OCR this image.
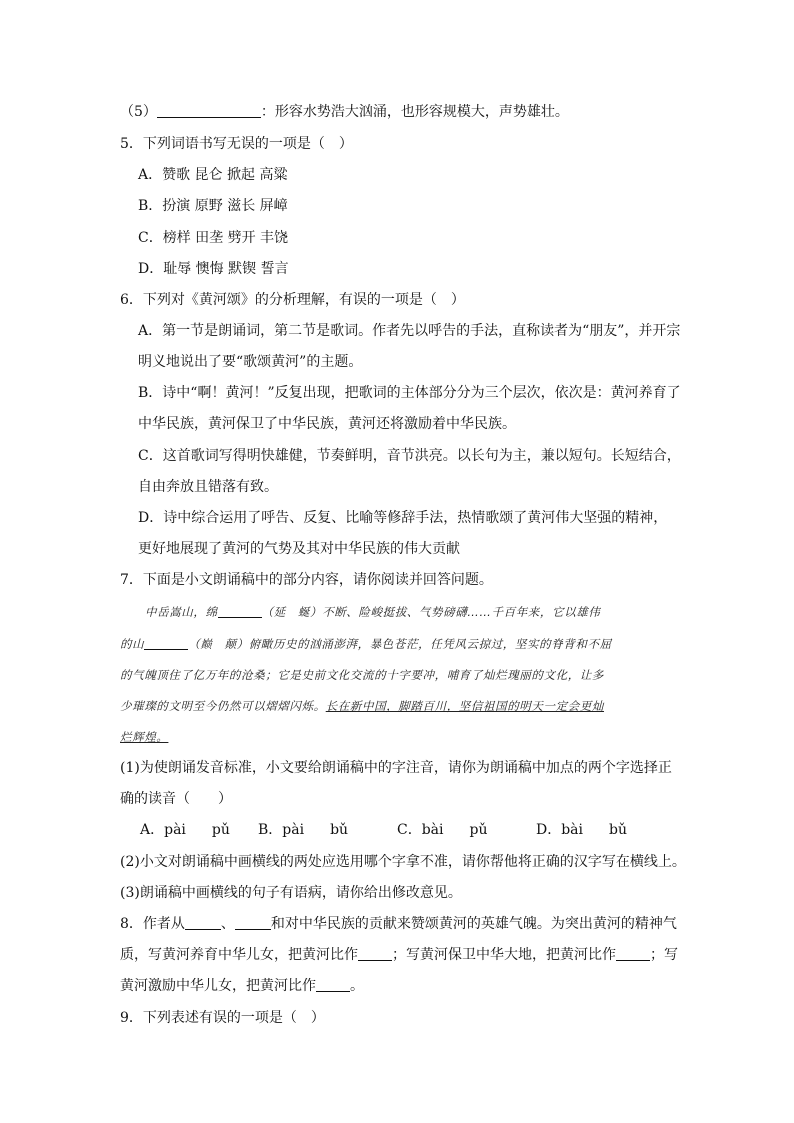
（5）	：形容水势浩大汹涌，也形容规模大，声势雄壮。
5．下列词语书写无误的一项是（　）
A．赞歌 昆仑 掀起 高粱
B．扮演 原野 滋长 屏嶂
C．榜样 田垄 劈开 丰饶
D．耻辱 懊悔 默锲 誓言
6．下列对《黄河颂》的分析理解，有误的一项是（　）
A．第一节是朗诵词，第二节是歌词。作者先以呼告的手法，直称读者为“朋友”，并开宗
明义地说出了要“歌颂黄河”的主题。
B．诗中“啊！黄河！”反复出现，把歌词的主体部分分为三个层次，依次是：黄河养育了
中华民族，黄河保卫了中华民族，黄河还将激励着中华民族。
C．这首歌词写得明快雄健，节奏鲜明，音节洪亮。以长句为主，兼以短句。长短结合，
自由奔放且错落有致。
D．诗中综合运用了呼告、反复、比喻等修辞手法，热情歌颂了黄河伟大坚强的精神，
更好地展现了黄河的气势及其对中华民族的伟大贡献
7．下面是小文朗诵稿中的部分内容，请你阅读并回答问题。
中岳嵩山，绵	（延　蜒）不断、险峻挺拔、气势磅礴……千百年来，它以雄伟
的山	（巅　颠）俯瞰历史的汹涌澎湃，暴色苍茫，任凭风云掠过，坚实的脊背和不屈
的气魄顶住了亿万年的沧桑；它是史前文化交流的十字要冲，哺育了灿烂瑰丽的文化，让多
少璀璨的文明至今仍然可以熠熠闪烁。长在新中国，脚踏百川，坚信祖国的明天一定会更灿
烂辉煌。
(1)为使朗诵发音标准，小文要给朗诵稿中的字注音，请你为朗诵稿中加点的两个字选择正
确的读音（　　）
A．pài pǔ B．pài bǔ	C．bài pǔ	D．bài bǔ
(2)小文对朗诵稿中画横线的两处应选用哪个字拿不准，请你帮他将正确的汉字写在横线上。
(3)朗诵稿中画横线的句子有语病，请你给出修改意见。
8．作者从	、	和对中华民族的贡献来赞颂黄河的英雄气魄。为突出黄河的精神气
质，写黄河养育中华儿女，把黄河比作 ；写黄河保卫中华大地，把黄河比作 ；写
黄河激励中华儿女，把黄河比作 。
9．下列表述有误的一项是（　）
